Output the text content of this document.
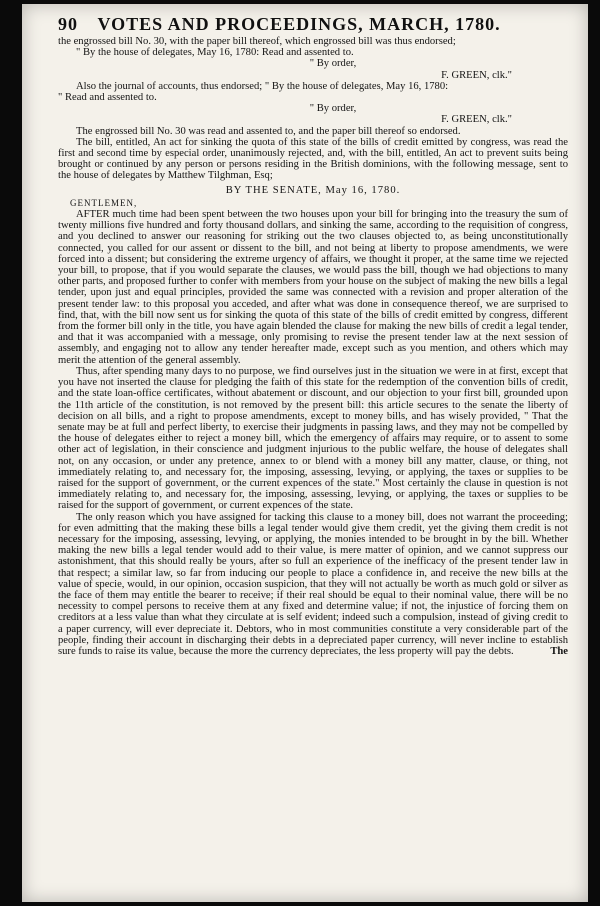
90 VOTES AND PROCEEDINGS, MARCH, 1780.

the engrossed bill No. 30, with the paper bill thereof, which engrossed bill was thus endorsed;

" By the house of delegates, May 16, 1780: Read and assented to.

" By order,

F. GREEN, clk."

Also the journal of accounts, thus endorsed; " By the house of delegates, May 16, 1780:

" Read and assented to.

" By order,

F. GREEN, clk."

The engrossed bill No. 30 was read and assented to, and the paper bill thereof so endorsed.

The bill, entitled, An act for sinking the quota of this state of the bills of credit emitted by congress, was read the first and second time by especial order, unanimously rejected, and, with the bill, entitled, An act to prevent suits being brought or continued by any person or persons residing in the British dominions, with the following message, sent to the house of delegates by Matthew Tilghman, Esq;

BY THE SENATE, May 16, 1780.

GENTLEMEN,

AFTER much time had been spent between the two houses upon your bill for bringing into the treasury the sum of twenty millions five hundred and forty thousand dollars, and sinking the same, according to the requisition of congress, and you declined to answer our reasoning for striking out the two clauses objected to, as being unconstitutionally connected, you called for our assent or dissent to the bill, and not being at liberty to propose amendments, we were forced into a dissent; but considering the extreme urgency of affairs, we thought it proper, at the same time we rejected your bill, to propose, that if you would separate the clauses, we would pass the bill, though we had objections to many other parts, and proposed further to confer with members from your house on the subject of making the new bills a legal tender, upon just and equal principles, provided the same was connected with a revision and proper alteration of the present tender law: to this proposal you acceded, and after what was done in consequence thereof, we are surprised to find, that, with the bill now sent us for sinking the quota of this state of the bills of credit emitted by congress, different from the former bill only in the title, you have again blended the clause for making the new bills of credit a legal tender, and that it was accompanied with a message, only promising to revise the present tender law at the next session of assembly, and engaging not to allow any tender hereafter made, except such as you mention, and others which may merit the attention of the general assembly.

Thus, after spending many days to no purpose, we find ourselves just in the situation we were in at first, except that you have not inserted the clause for pledging the faith of this state for the redemption of the convention bills of credit, and the state loan-office certificates, without abatement or discount, and our objection to your first bill, grounded upon the 11th article of the constitution, is not removed by the present bill: this article secures to the senate the liberty of decision on all bills, and a right to propose amendments, except to money bills, and has wisely provided, " That the senate may be at full and perfect liberty, to exercise their judgments in passing laws, and they may not be compelled by the house of delegates either to reject a money bill, which the emergency of affairs may require, or to assent to some other act of legislation, in their conscience and judgment injurious to the public welfare, the house of delegates shall not, on any occasion, or under any pretence, annex to or blend with a money bill any matter, clause, or thing, not immediately relating to, and necessary for, the imposing, assessing, levying, or applying, the taxes or supplies to be raised for the support of government, or the current expences of the state." Most certainly the clause in question is not immediately relating to, and necessary for, the imposing, assessing, levying, or applying, the taxes or supplies to be raised for the support of government, or current expences of the state.

The only reason which you have assigned for tacking this clause to a money bill, does not warrant the proceeding; for even admitting that the making these bills a legal tender would give them credit, yet the giving them credit is not necessary for the imposing, assessing, levying, or applying, the monies intended to be brought in by the bill. Whether making the new bills a legal tender would add to their value, is mere matter of opinion, and we cannot suppress our astonishment, that this should really be yours, after so full an experience of the inefficacy of the present tender law in that respect; a similar law, so far from inducing our people to place a confidence in, and receive the new bills at the value of specie, would, in our opinion, occasion suspicion, that they will not actually be worth as much gold or silver as the face of them may entitle the bearer to receive; if their real should be equal to their nominal value, there will be no necessity to compel persons to receive them at any fixed and determine value; if not, the injustice of forcing them on creditors at a less value than what they circulate at is self evident; indeed such a compulsion, instead of giving credit to a paper currency, will ever depreciate it. Debtors, who in most communities constitute a very considerable part of the people, finding their account in discharging their debts in a depreciated paper currency, will never incline to establish sure funds to raise its value, because the more the currency depreciates, the less property will pay the debts.	The
